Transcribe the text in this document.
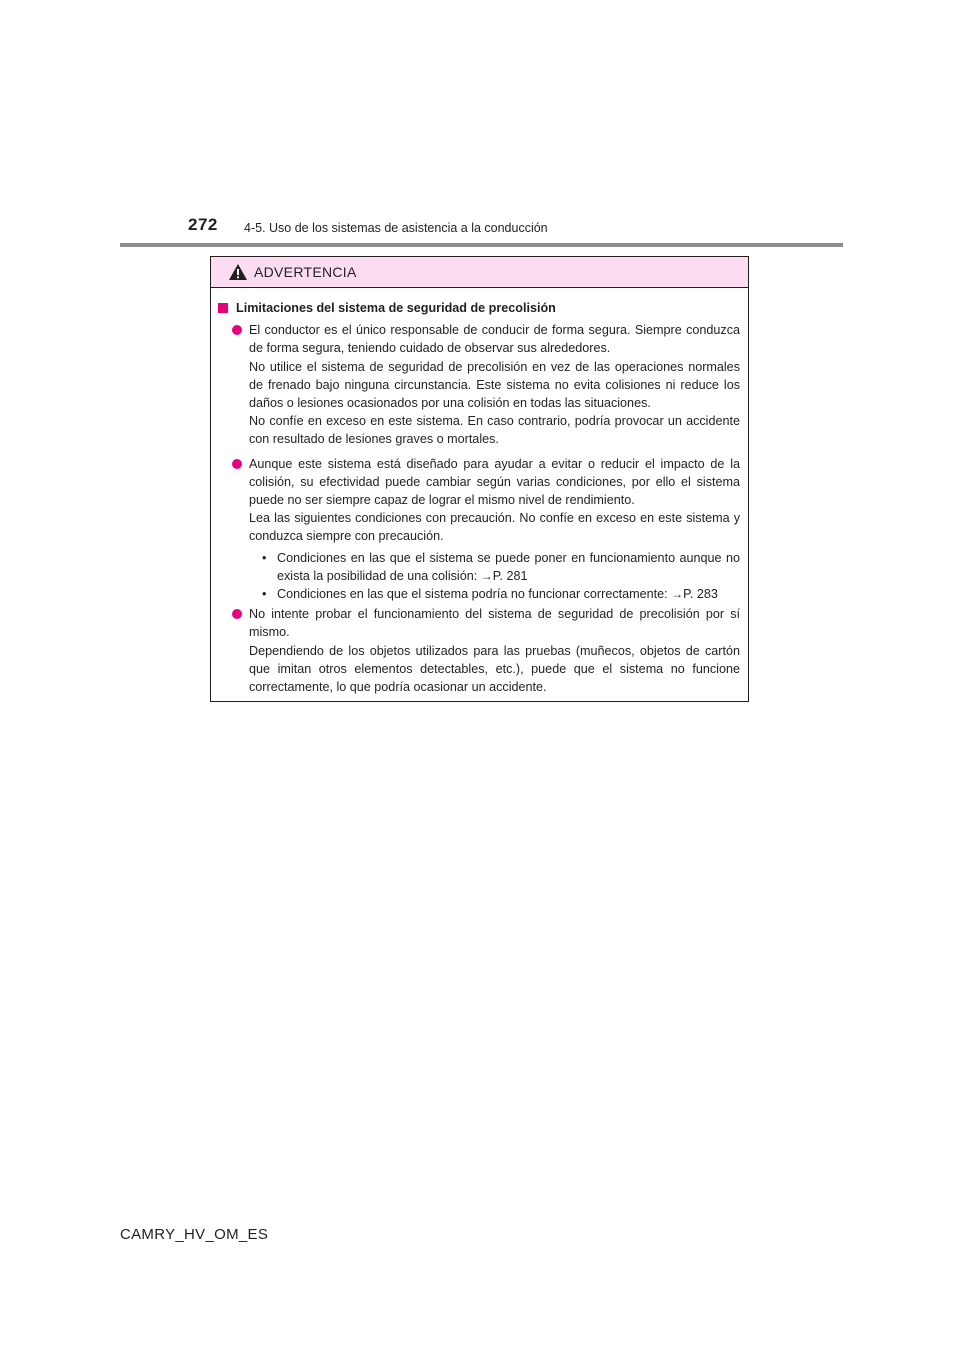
272 4-5. Uso de los sistemas de asistencia a la conducción
ADVERTENCIA
Limitaciones del sistema de seguridad de precolisión
El conductor es el único responsable de conducir de forma segura. Siempre conduzca de forma segura, teniendo cuidado de observar sus alrededores.
No utilice el sistema de seguridad de precolisión en vez de las operaciones normales de frenado bajo ninguna circunstancia. Este sistema no evita colisiones ni reduce los daños o lesiones ocasionados por una colisión en todas las situaciones.
No confíe en exceso en este sistema. En caso contrario, podría provocar un accidente con resultado de lesiones graves o mortales.
Aunque este sistema está diseñado para ayudar a evitar o reducir el impacto de la colisión, su efectividad puede cambiar según varias condiciones, por ello el sistema puede no ser siempre capaz de lograr el mismo nivel de rendimiento.
Lea las siguientes condiciones con precaución. No confíe en exceso en este sistema y conduzca siempre con precaución.
• Condiciones en las que el sistema se puede poner en funcionamiento aunque no exista la posibilidad de una colisión: →P. 281
• Condiciones en las que el sistema podría no funcionar correctamente: →P. 283
No intente probar el funcionamiento del sistema de seguridad de precolisión por sí mismo.
Dependiendo de los objetos utilizados para las pruebas (muñecos, objetos de cartón que imitan otros elementos detectables, etc.), puede que el sistema no funcione correctamente, lo que podría ocasionar un accidente.
CAMRY_HV_OM_ES
